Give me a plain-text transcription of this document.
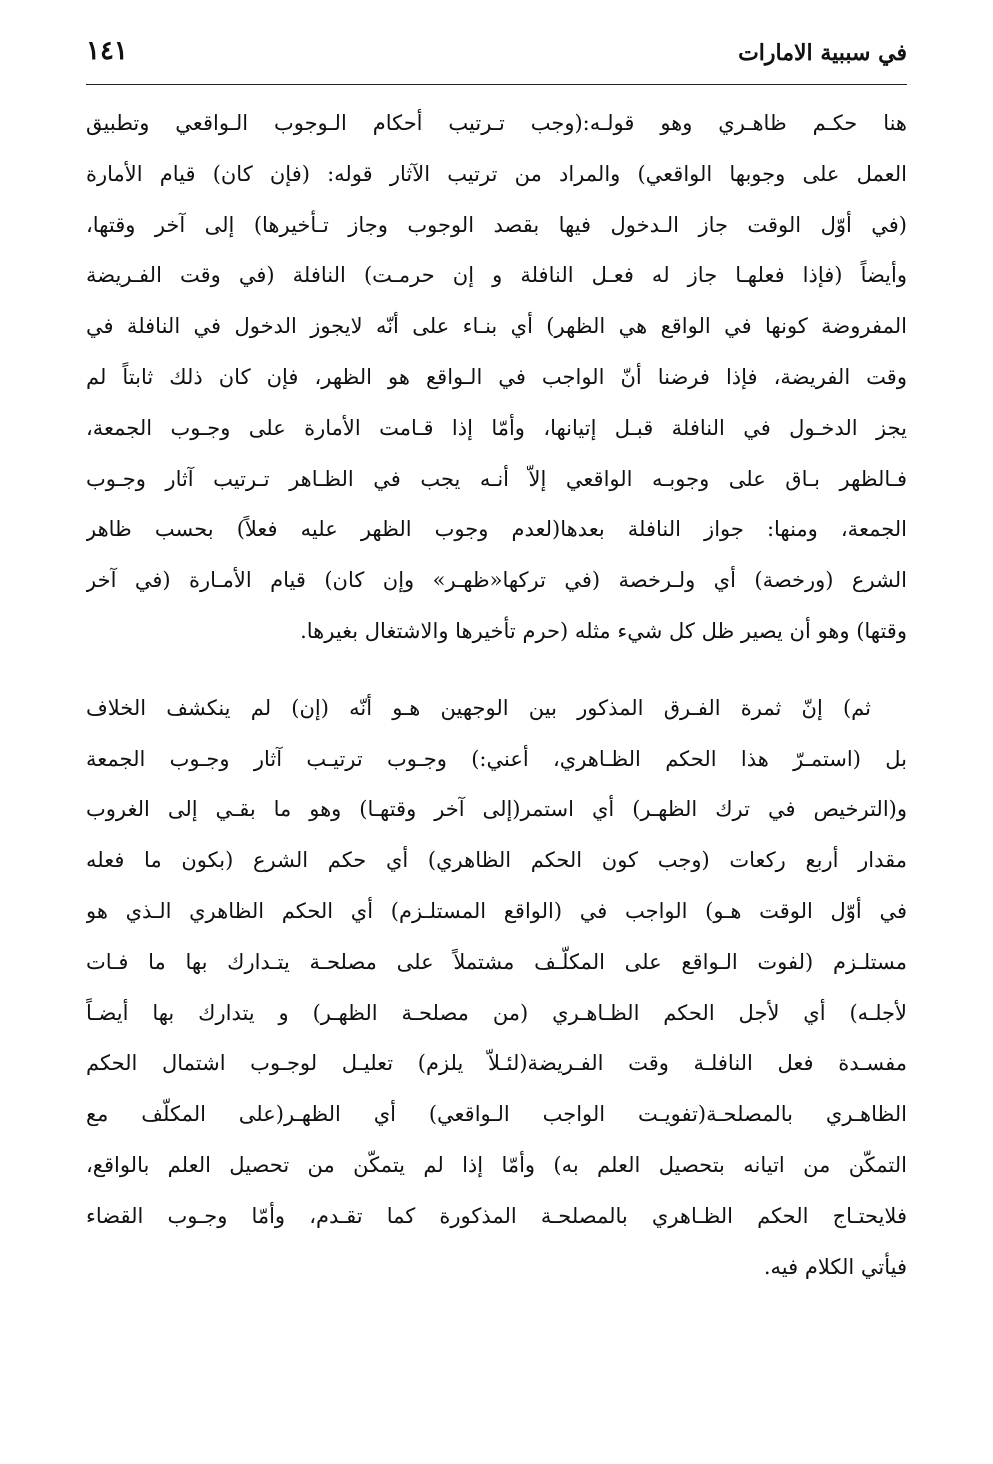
في سببية الامارات
١٤١
هنا حكـم ظاهـري وهو قولـه:(وجب تـرتيب أحكام الـوجوب الـواقعي وتطبيق
العمل على وجوبها الواقعي) والمراد من ترتيب الآثار قوله: (فإن كان) قيام الأمارة
(في أوّل الوقت جاز الـدخول فيها بقصد الوجوب وجاز تـأخيرها) إلى آخر وقتها،
وأيضاً (فإذا فعلهـا جاز له فعـل النافلة و إن حرمـت) النافلة (في وقت الفـريضة
المفروضة كونها في الواقع هي الظهر) أي بنـاء على أنّه لايجوز الدخول في النافلة في
وقت الفريضة، فإذا فرضنا أنّ الواجب في الـواقع هو الظهر، فإن كان ذلك ثابتاً لم
يجز الدخـول في النافلة قبـل إتيانها، وأمّا إذا قـامت الأمارة على وجـوب الجمعة،
فـالظهر بـاق على وجوبـه الواقعي إلاّ أنـه يجب في الظـاهر تـرتيب آثار وجـوب
الجمعة، ومنها: جواز النافلة بعدها(لعدم وجوب الظهر عليه فعلاً) بحسب ظاهر
الشرع (ورخصة) أي ولـرخصة (في تركها«ظهـر» وإن كان) قيام الأمـارة (في آخر
وقتها) وهو أن يصير ظل كل شيء مثله (حرم تأخيرها والاشتغال بغيرها.
ثم) إنّ ثمرة الفـرق المذكور بين الوجهين هـو أنّه (إن) لم ينكشف الخلاف
بل (استمـرّ هذا الحكم الظـاهري، أعني:) وجـوب ترتيـب آثار وجـوب الجمعة
و(الترخيص في ترك الظهـر) أي استمر(إلى آخر وقتهـا) وهو ما بقـي إلى الغروب
مقدار أربع ركعات (وجب كون الحكم الظاهري) أي حكم الشرع (بكون ما فعله
في أوّل الوقت هـو) الواجب في (الواقع المستلـزم) أي الحكم الظاهري الـذي هو
مستلـزم (لفوت الـواقع على المكلّـف مشتملاً على مصلحـة يتـدارك بها ما فـات
لأجلـه) أي لأجل الحكم الظـاهـري (من مصلحـة الظهـر) و يتدارك بها أيضـاً
مفسـدة فعل النافلـة وقت الفـريضة(لئـلاّ يلزم) تعليـل لوجـوب اشتمال الحكم
الظاهـري بالمصلحـة(تفويـت الواجب الـواقعي) أي الظهـر(على المكلّف مع
التمكّن من اتيانه بتحصيل العلم به) وأمّا إذا لم يتمكّن من تحصيل العلم بالواقع،
فلايحتـاج الحكم الظـاهري بالمصلحـة المذكورة كما تقـدم، وأمّا وجـوب القضاء
فيأتي الكلام فيه.
